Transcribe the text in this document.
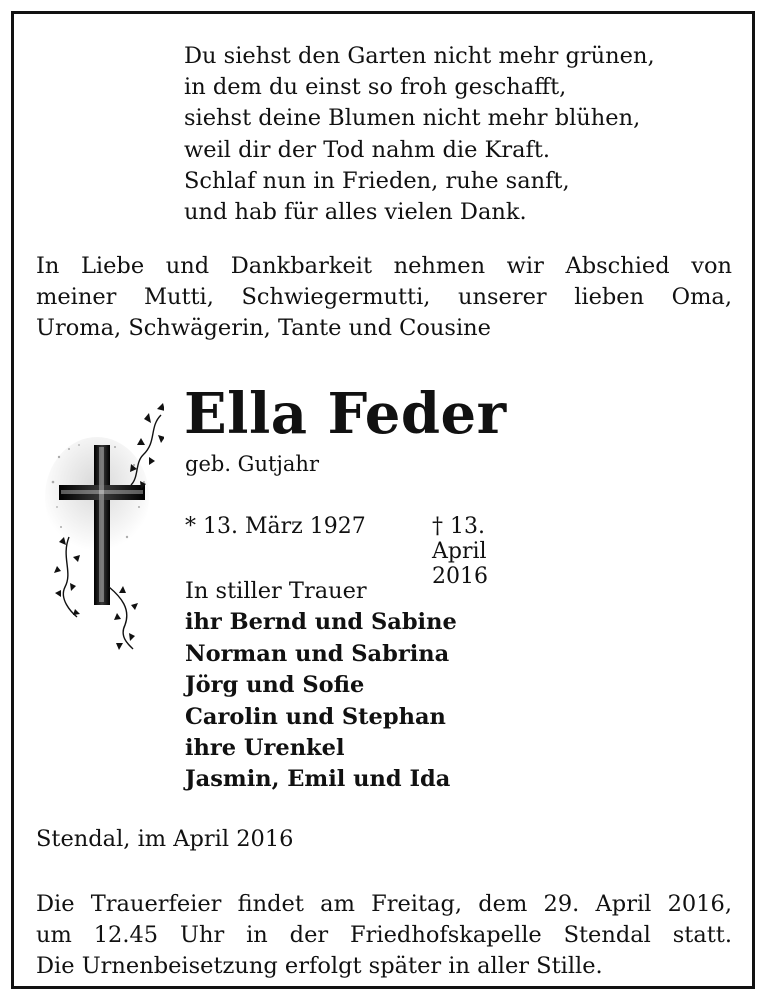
Du siehst den Garten nicht mehr grünen,
in dem du einst so froh geschafft,
siehst deine Blumen nicht mehr blühen,
weil dir der Tod nahm die Kraft.
Schlaf nun in Frieden, ruhe sanft,
und hab für alles vielen Dank.
In Liebe und Dankbarkeit nehmen wir Abschied von
meiner Mutti, Schwiegermutti, unserer lieben Oma,
Uroma, Schwägerin, Tante und Cousine
Ella Feder
geb. Gutjahr
* 13. März 1927	† 13. April 2016
In stiller Trauer
ihr Bernd und Sabine
Norman und Sabrina
Jörg und Sofie
Carolin und Stephan
ihre Urenkel
Jasmin, Emil und Ida
Stendal, im April 2016
Die Trauerfeier findet am Freitag, dem 29. April 2016,
um 12.45 Uhr in der Friedhofskapelle Stendal statt.
Die Urnenbeisetzung erfolgt später in aller Stille.
